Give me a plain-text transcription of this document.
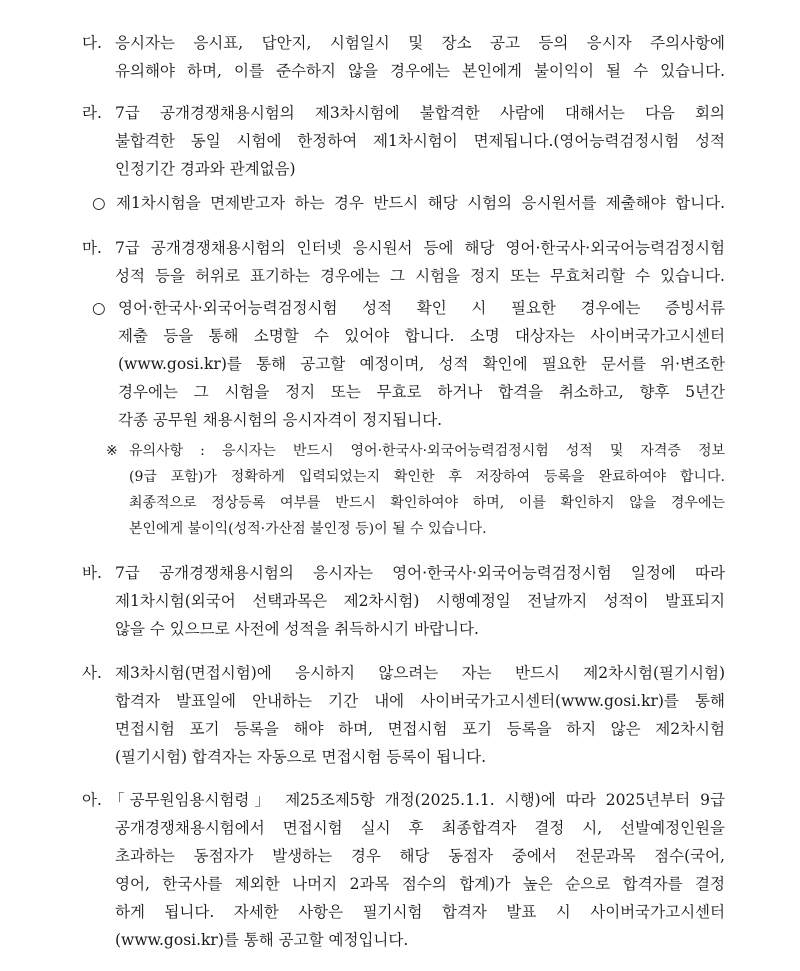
다. 응시자는 응시표, 답안지, 시험일시 및 장소 공고 등의 응시자 주의사항에
유의해야 하며, 이를 준수하지 않을 경우에는 본인에게 불이익이 될 수 있습니다.
라. 7급 공개경쟁채용시험의 제3차시험에 불합격한 사람에 대해서는 다음 회의
불합격한 동일 시험에 한정하여 제1차시험이 면제됩니다.(영어능력검정시험 성적
인정기간 경과와 관계없음)
○ 제1차시험을 면제받고자 하는 경우 반드시 해당 시험의 응시원서를 제출해야 합니다.
마. 7급 공개경쟁채용시험의 인터넷 응시원서 등에 해당 영어·한국사·외국어능력검정시험
성적 등을 허위로 표기하는 경우에는 그 시험을 정지 또는 무효처리할 수 있습니다.
○ 영어·한국사·외국어능력검정시험 성적 확인 시 필요한 경우에는 증빙서류
제출 등을 통해 소명할 수 있어야 합니다. 소명 대상자는 사이버국가고시센터
(www.gosi.kr)를 통해 공고할 예정이며, 성적 확인에 필요한 문서를 위·변조한
경우에는 그 시험을 정지 또는 무효로 하거나 합격을 취소하고, 향후 5년간
각종 공무원 채용시험의 응시자격이 정지됩니다.
※ 유의사항 : 응시자는 반드시 영어·한국사·외국어능력검정시험 성적 및 자격증 정보
(9급 포함)가 정확하게 입력되었는지 확인한 후 저장하여 등록을 완료하여야 합니다.
최종적으로 정상등록 여부를 반드시 확인하여야 하며, 이를 확인하지 않을 경우에는
본인에게 불이익(성적·가산점 불인정 등)이 될 수 있습니다.
바. 7급 공개경쟁채용시험의 응시자는 영어·한국사·외국어능력검정시험 일정에 따라
제1차시험(외국어 선택과목은 제2차시험) 시행예정일 전날까지 성적이 발표되지
않을 수 있으므로 사전에 성적을 취득하시기 바랍니다.
사. 제3차시험(면접시험)에 응시하지 않으려는 자는 반드시 제2차시험(필기시험)
합격자 발표일에 안내하는 기간 내에 사이버국가고시센터(www.gosi.kr)를 통해
면접시험 포기 등록을 해야 하며, 면접시험 포기 등록을 하지 않은 제2차시험
(필기시험) 합격자는 자동으로 면접시험 등록이 됩니다.
아. 「공무원임용시험령」 제25조제5항 개정(2025.1.1. 시행)에 따라 2025년부터 9급
공개경쟁채용시험에서 면접시험 실시 후 최종합격자 결정 시, 선발예정인원을
초과하는 동점자가 발생하는 경우 해당 동점자 중에서 전문과목 점수(국어,
영어, 한국사를 제외한 나머지 2과목 점수의 합계)가 높은 순으로 합격자를 결정
하게 됩니다. 자세한 사항은 필기시험 합격자 발표 시 사이버국가고시센터
(www.gosi.kr)를 통해 공고할 예정입니다.
